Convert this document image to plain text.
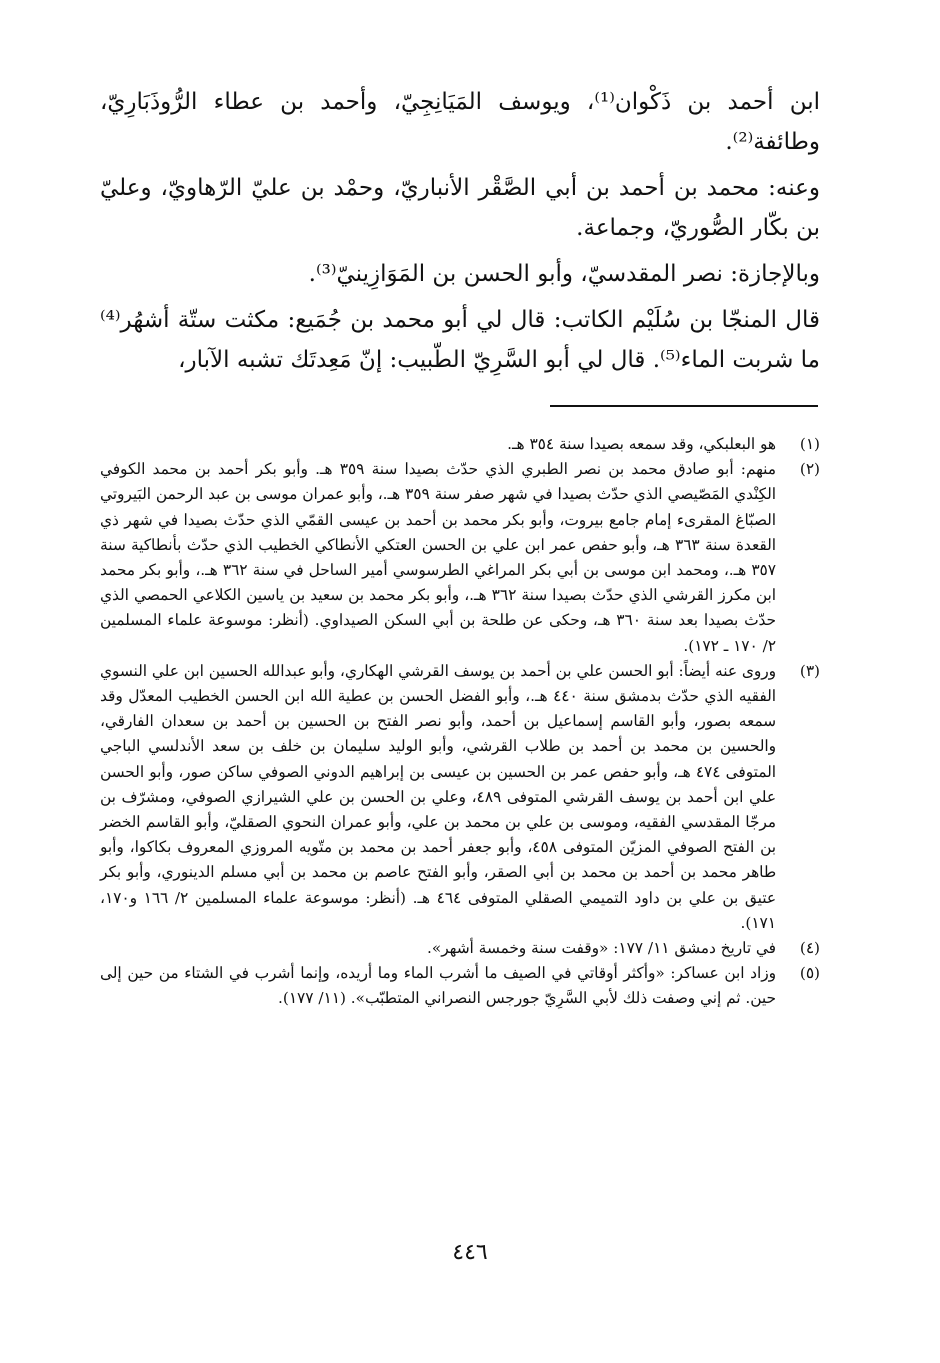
ابن أحمد بن ذَكْوان⁽¹⁾، ويوسف المَيَانِجِيّ، وأحمد بن عطاء الرُّوذَبَارِيّ، وطائفة⁽²⁾.

وعنه: محمد بن أحمد بن أبي الصَّقْر الأنباريّ، وحمْد بن عليّ الرّهاويّ، وعليّ بن بكّار الصُّوريّ، وجماعة.

وبالإجازة: نصر المقدسيّ، وأبو الحسن بن المَوَازِينيّ⁽³⁾.

قال المنجّا بن سُلَيْم الكاتب: قال لي أبو محمد بن جُمَيع: مكثت ستّة أشهُر⁽⁴⁾ ما شربت الماء⁽⁵⁾. قال لي أبو السَّرِيّ الطّبيب: إنّ مَعِدتَك تشبه الآبار،

(١)
هو البعلبكي، وقد سمعه بصيدا سنة ٣٥٤ هـ.
(٢)
منهم: أبو صادق محمد بن نصر الطبري الذي حدّث بصيدا سنة ٣٥٩ هـ. وأبو بكر أحمد بن محمد الكوفي الكِنْدي المَصّيصي الذي حدّث بصيدا في شهر صفر سنة ٣٥٩ هـ.، وأبو عمران موسى بن عبد الرحمن البَيروتي الصبّاغ المقرىء إمام جامع بيروت، وأبو بكر محمد بن أحمد بن عيسى القمّي الذي حدّث بصيدا في شهر ذي القعدة سنة ٣٦٣ هـ، وأبو حفص عمر ابن علي بن الحسن العتكي الأنطاكي الخطيب الذي حدّث بأنطاكية سنة ٣٥٧ هـ.، ومحمد ابن موسى بن أبي بكر المراغي الطرسوسي أمير الساحل في سنة ٣٦٢ هـ.، وأبو بكر محمد ابن مكرز القرشي الذي حدّث بصيدا سنة ٣٦٢ هـ.، وأبو بكر محمد بن سعيد بن ياسين الكلاعي الحمصي الذي حدّث بصيدا بعد سنة ٣٦٠ هـ، وحكى عن طلحة بن أبي السكن الصيداوي. (أنظر: موسوعة علماء المسلمين ٢/ ١٧٠ ـ ١٧٢).
(٣)
وروى عنه أيضاً: أبو الحسن علي بن أحمد بن يوسف القرشي الهكاري، وأبو عبدالله الحسين ابن علي النسوي الفقيه الذي حدّث بدمشق سنة ٤٤٠ هـ.، وأبو الفضل الحسن بن عطية الله ابن الحسن الخطيب المعدّل وقد سمعه بصور، وأبو القاسم إسماعيل بن أحمد، وأبو نصر الفتح بن الحسين بن أحمد بن سعدان الفارقي، والحسين بن محمد بن أحمد بن طلاب القرشي، وأبو الوليد سليمان بن خلف بن سعد الأندلسي الباجي المتوفى ٤٧٤ هـ، وأبو حفص عمر بن الحسين بن عيسى بن إبراهيم الدوني الصوفي ساكن صور، وأبو الحسن علي ابن أحمد بن يوسف القرشي المتوفى ٤٨٩، وعلي بن الحسن بن علي الشيرازي الصوفي، ومشرّف بن مرجّا المقدسي الفقيه، وموسى بن علي بن محمد بن علي، وأبو عمران النحوي الصقليّ، وأبو القاسم الخضر بن الفتح الصوفي المزيّن المتوفى ٤٥٨، وأبو جعفر أحمد بن محمد بن متّويه المروزي المعروف بكاكوا، وأبو طاهر محمد بن أحمد بن محمد بن أبي الصقر، وأبو الفتح عاصم بن محمد بن أبي مسلم الدينوري، وأبو بكر عتيق بن علي بن داود التميمي الصقلي المتوفى ٤٦٤ هـ. (أنظر: موسوعة علماء المسلمين ٢/ ١٦٦ و١٧٠، ١٧١).
(٤)
في تاريخ دمشق ١١/ ١٧٧: «وقفت سنة وخمسة أشهر».
(٥)
وزاد ابن عساكر: «وأكثر أوقاتي في الصيف ما أشرب الماء وما أريده، وإنما أشرب في الشتاء من حين إلى حين. ثم إني وصفت ذلك لأبي السَّرِيّ جورجس النصراني المتطبّب». (١١/ ١٧٧).
٤٤٦
